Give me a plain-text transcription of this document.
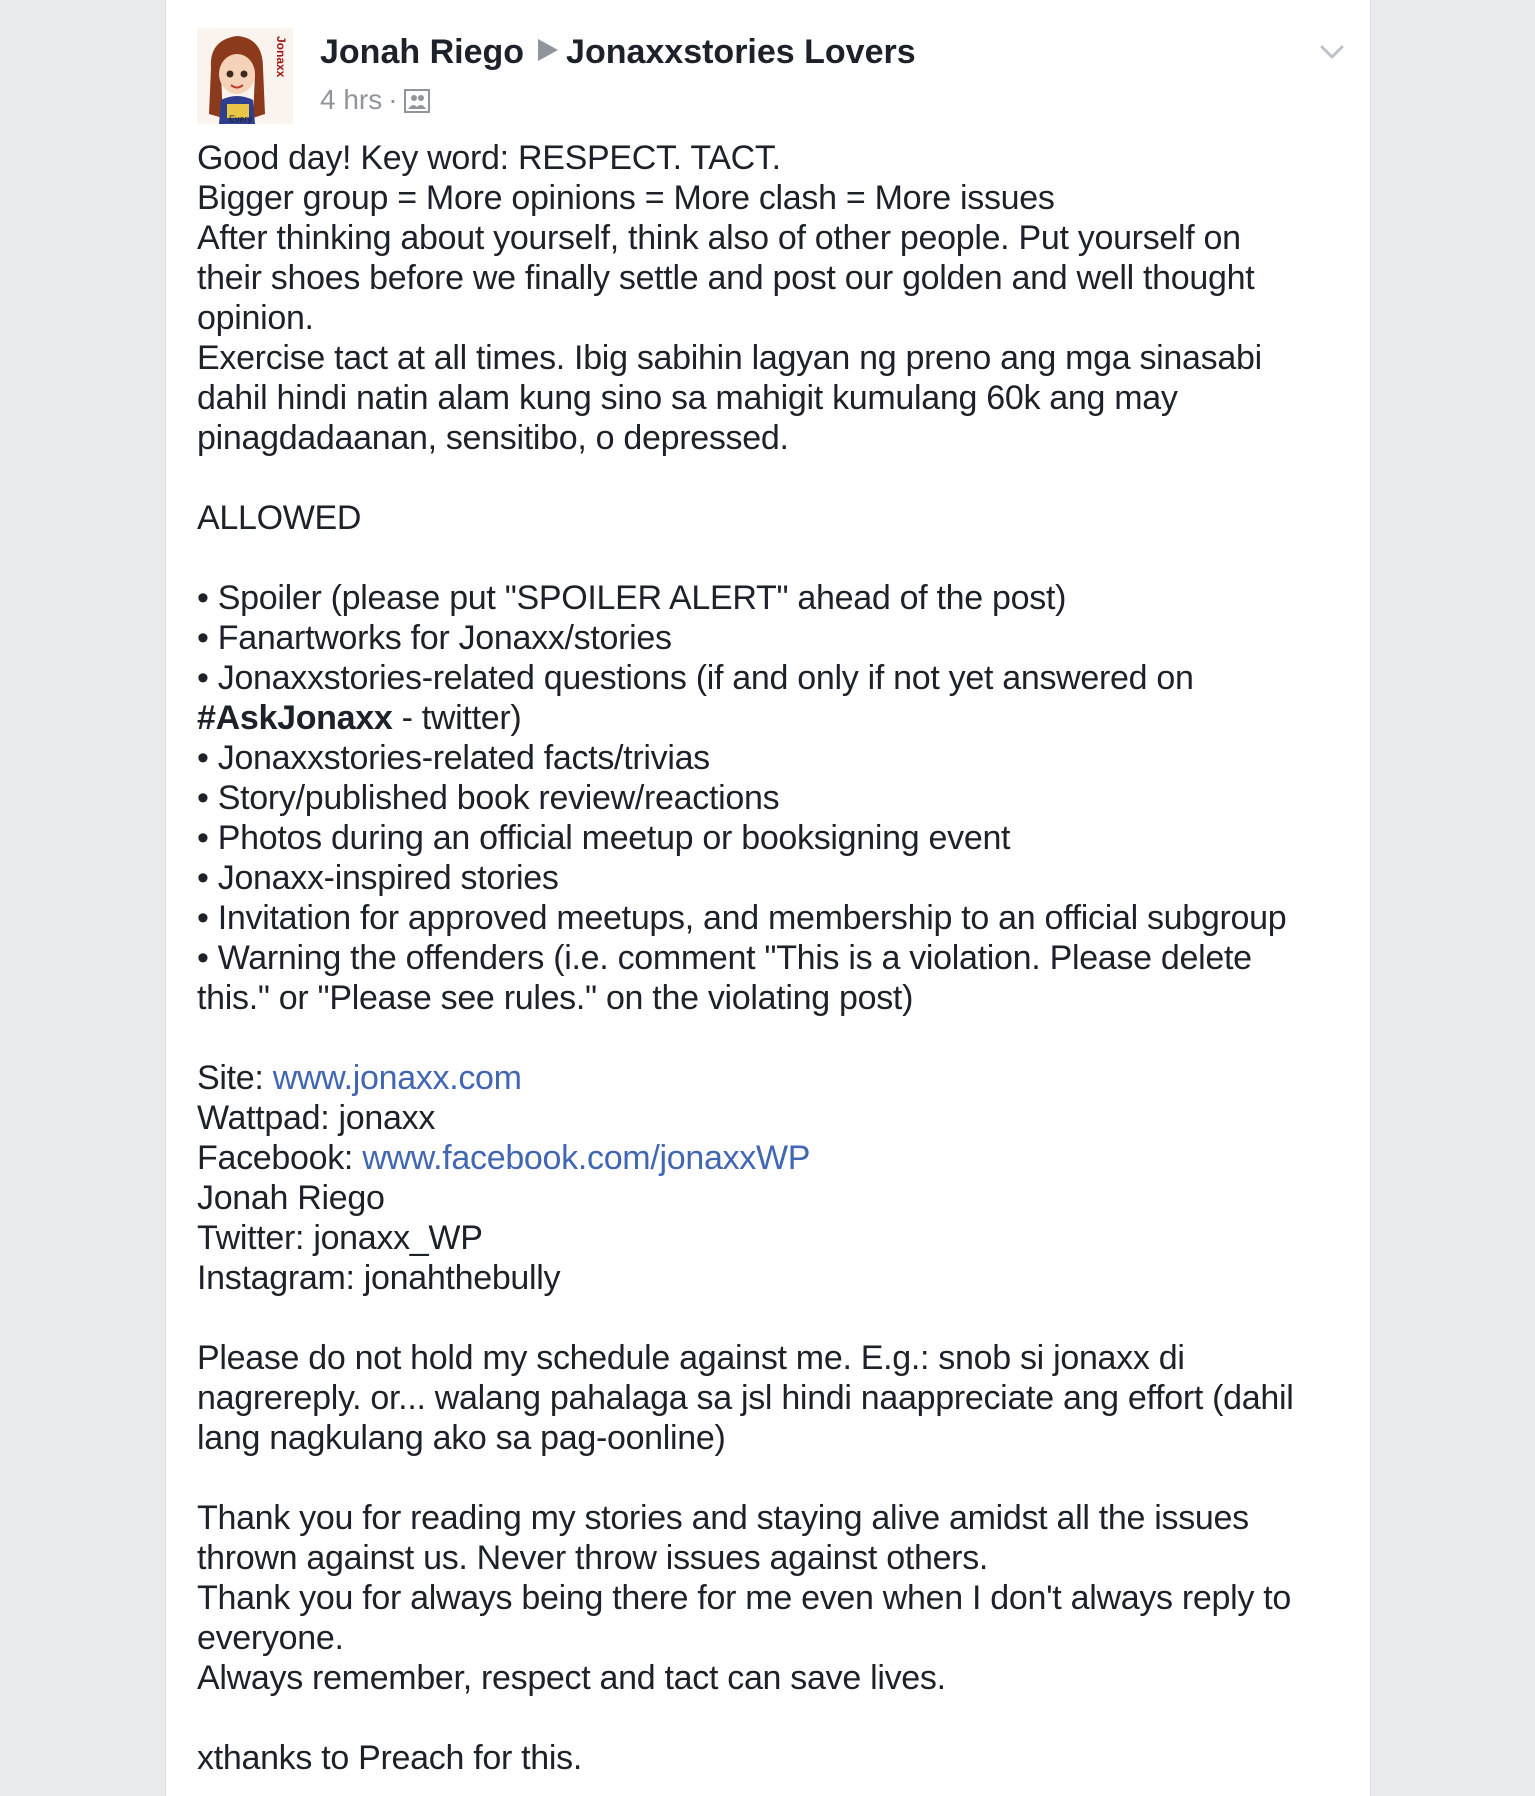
Every
Jonaxx Jonah Riego Jonaxxstories Lovers
4 hrs ·

Good day! Key word: RESPECT. TACT.

Bigger group = More opinions = More clash = More issues

After thinking about yourself, think also of other people. Put yourself on

their shoes before we finally settle and post our golden and well thought

opinion.

Exercise tact at all times. Ibig sabihin lagyan ng preno ang mga sinasabi

dahil hindi natin alam kung sino sa mahigit kumulang 60k ang may

pinagdadaanan, sensitibo, o depressed.

ALLOWED

• Spoiler (please put "SPOILER ALERT" ahead of the post)

• Fanartworks for Jonaxx/stories

• Jonaxxstories-related questions (if and only if not yet answered on

#AskJonaxx - twitter)

• Jonaxxstories-related facts/trivias

• Story/published book review/reactions

• Photos during an official meetup or booksigning event

• Jonaxx-inspired stories

• Invitation for approved meetups, and membership to an official subgroup

• Warning the offenders (i.e. comment "This is a violation. Please delete

this." or "Please see rules." on the violating post)

Site: www.jonaxx.com

Wattpad: jonaxx

Facebook: www.facebook.com/jonaxxWP

Jonah Riego

Twitter: jonaxx_WP

Instagram: jonahthebully

Please do not hold my schedule against me. E.g.: snob si jonaxx di

nagrereply. or... walang pahalaga sa jsl hindi naappreciate ang effort (dahil

lang nagkulang ako sa pag-oonline)

Thank you for reading my stories and staying alive amidst all the issues

thrown against us. Never throw issues against others.

Thank you for always being there for me even when I don't always reply to

everyone.

Always remember, respect and tact can save lives.

xthanks to Preach for this.
